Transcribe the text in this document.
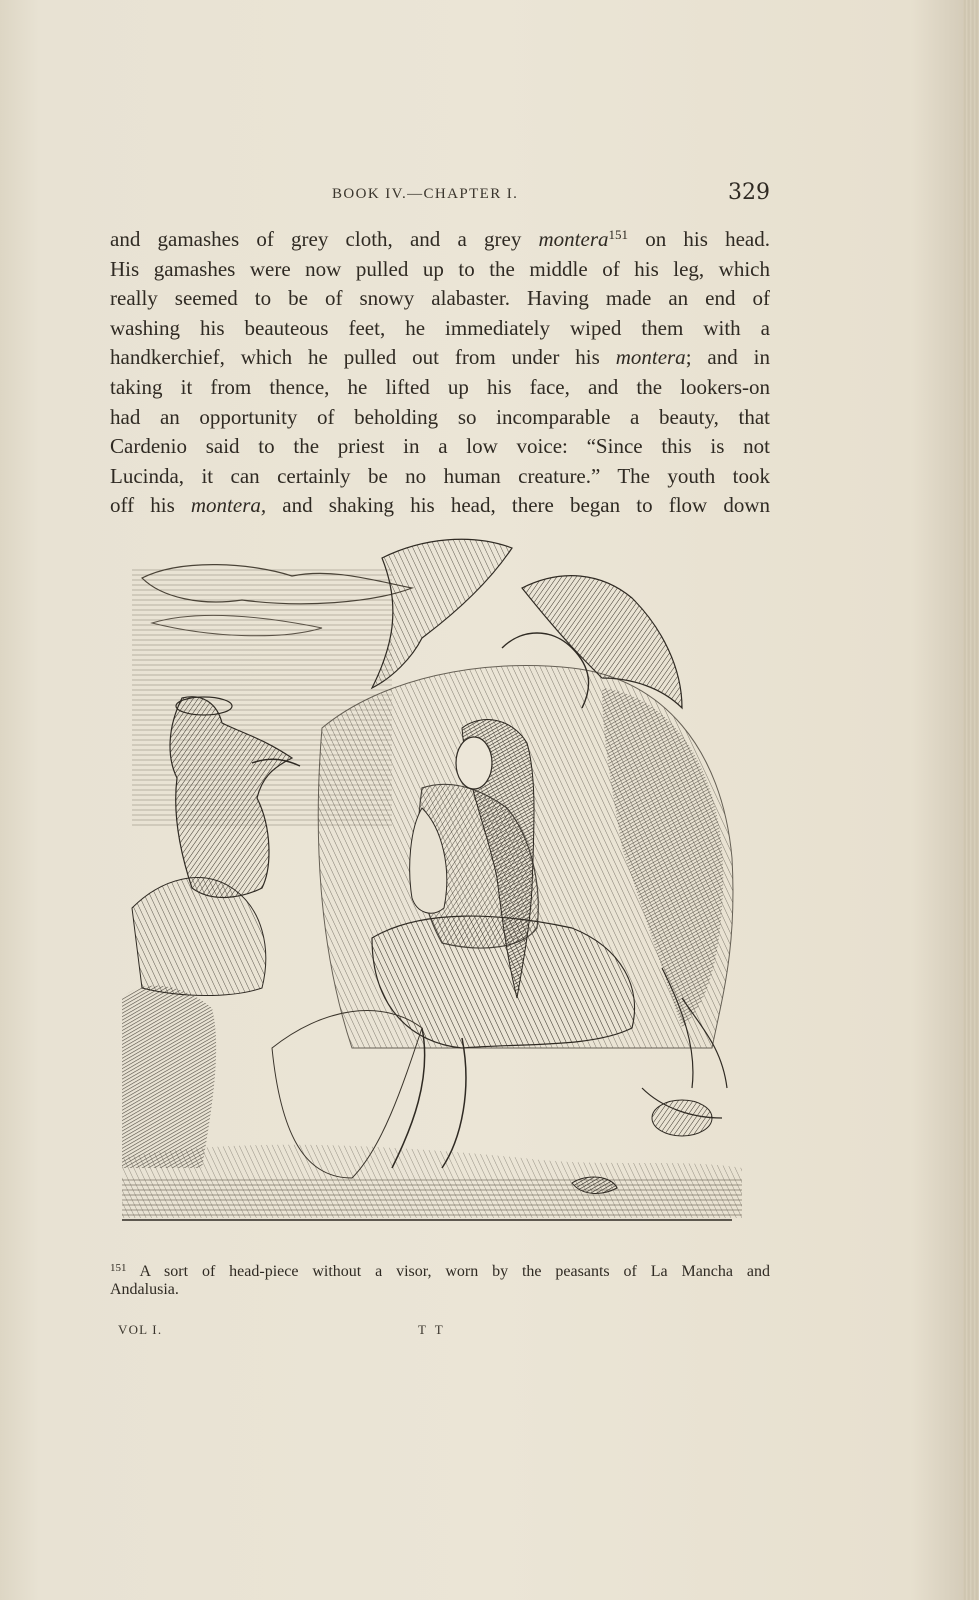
BOOK IV.—CHAPTER I.	329
and gamashes of grey cloth, and a grey montera$^{151}$ on his head.
His gamashes were now pulled up to the middle of his leg, which
really seemed to be of snowy alabaster. Having made an end of
washing his beauteous feet, he immediately wiped them with a
handkerchief, which he pulled out from under his montera; and in
taking it from thence, he lifted up his face, and the lookers-on
had an opportunity of beholding so incomparable a beauty, that
Cardenio said to the priest in a low voice: “Since this is not
Lucinda, it can certainly be no human creature.” The youth took
off his montera, and shaking his head, there began to flow down
$^{151}$ A sort of head-piece without a visor, worn by the peasants of La Mancha and
Andalusia.
VOL I.	T T
